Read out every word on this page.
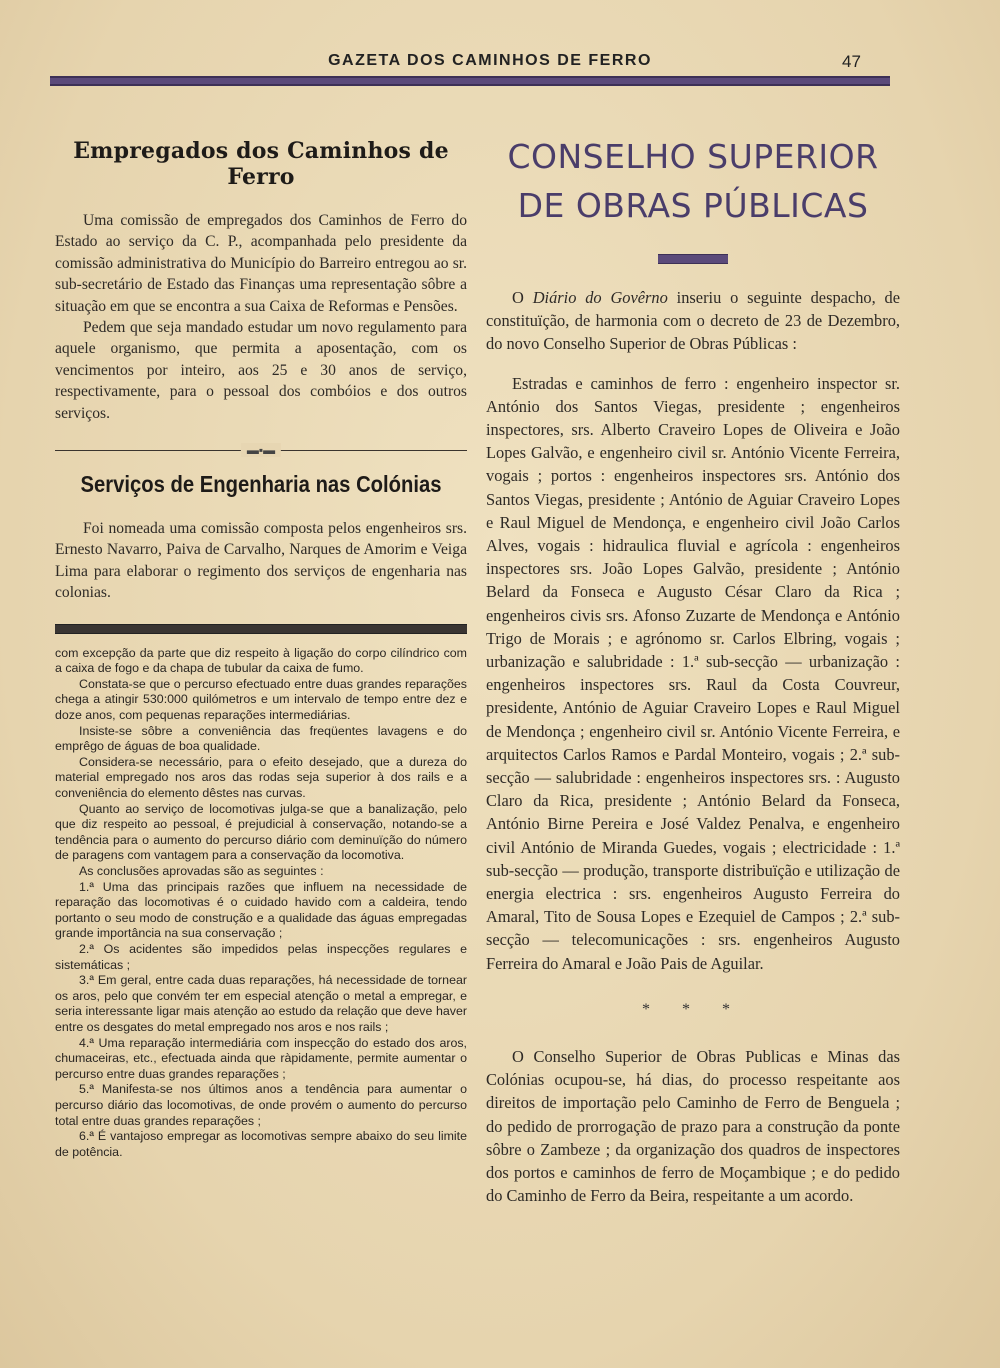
GAZETA DOS CAMINHOS DE FERRO	47
Empregados dos Caminhos de Ferro

Uma comissão de empregados dos Caminhos de Ferro do Estado ao serviço da C. P., acompanhada pelo presidente da comissão administrativa do Município do Barreiro entregou ao sr. sub-secretário de Estado das Finanças uma representação sôbre a situação em que se encontra a sua Caixa de Reformas e Pensões.

Pedem que seja mandado estudar um novo regulamento para aquele organismo, que permita a aposentação, com os vencimentos por inteiro, aos 25 e 30 anos de serviço, respectivamente, para o pessoal dos combóios e dos outros serviços.

▬▪▬
Serviços de Engenharia nas Colónias

Foi nomeada uma comissão composta pelos engenheiros srs. Ernesto Navarro, Paiva de Carvalho, Narques de Amorim e Veiga Lima para elaborar o regimento dos serviços de engenharia nas colonias.

com excepção da parte que diz respeito à ligação do corpo cilíndrico com a caixa de fogo e da chapa de tubular da caixa de fumo.

Constata-se que o percurso efectuado entre duas grandes reparações chega a atingir 530:000 quilómetros e um intervalo de tempo entre dez e doze anos, com pequenas reparações intermediárias.

Insiste-se sôbre a conveniência das freqüentes lavagens e do emprêgo de águas de boa qualidade.

Considera-se necessário, para o efeito desejado, que a dureza do material empregado nos aros das rodas seja superior à dos rails e a conveniência do elemento dêstes nas curvas.

Quanto ao serviço de locomotivas julga-se que a banalização, pelo que diz respeito ao pessoal, é prejudicial à conservação, notando-se a tendência para o aumento do percurso diário com deminuïção do número de paragens com vantagem para a conservação da locomotiva.

As conclusões aprovadas são as seguintes :

1.ª Uma das principais razões que influem na necessidade de reparação das locomotivas é o cuidado havido com a caldeira, tendo portanto o seu modo de construção e a qualidade das águas empregadas grande importância na sua conservação ;

2.ª Os acidentes são impedidos pelas inspecções regulares e sistemáticas ;

3.ª Em geral, entre cada duas reparações, há necessidade de tornear os aros, pelo que convém ter em especial atenção o metal a empregar, e seria interessante ligar mais atenção ao estudo da relação que deve haver entre os desgates do metal empregado nos aros e nos rails ;

4.ª Uma reparação intermediária com inspecção do estado dos aros, chumaceiras, etc., efectuada ainda que ràpidamente, permite aumentar o percurso entre duas grandes reparações ;

5.ª Manifesta-se nos últimos anos a tendência para aumentar o percurso diário das locomotivas, de onde provém o aumento do percurso total entre duas grandes reparações ;

6.ª É vantajoso empregar as locomotivas sempre abaixo do seu limite de potência.

CONSELHO SUPERIOR
DE OBRAS PÚBLICAS

O Diário do Govêrno inseriu o seguinte despacho, de constituïção, de harmonia com o decreto de 23 de Dezembro, do novo Conselho Superior de Obras Públicas :

Estradas e caminhos de ferro : engenheiro inspector sr. António dos Santos Viegas, presidente ; engenheiros inspectores, srs. Alberto Craveiro Lopes de Oliveira e João Lopes Galvão, e engenheiro civil sr. António Vicente Ferreira, vogais ; portos : engenheiros inspectores srs. António dos Santos Viegas, presidente ; António de Aguiar Craveiro Lopes e Raul Miguel de Mendonça, e engenheiro civil João Carlos Alves, vogais : hidraulica fluvial e agrícola : engenheiros inspectores srs. João Lopes Galvão, presidente ; António Belard da Fonseca e Augusto César Claro da Rica ; engenheiros civis srs. Afonso Zuzarte de Mendonça e António Trigo de Morais ; e agrónomo sr. Carlos Elbring, vogais ; urbanização e salubridade : 1.ª sub-secção — urbanização : engenheiros inspectores srs. Raul da Costa Couvreur, presidente, António de Aguiar Craveiro Lopes e Raul Miguel de Mendonça ; engenheiro civil sr. António Vicente Ferreira, e arquitectos Carlos Ramos e Pardal Monteiro, vogais ; 2.ª sub-secção — salubridade : engenheiros inspectores srs. : Augusto Claro da Rica, presidente ; António Belard da Fonseca, António Birne Pereira e José Valdez Penalva, e engenheiro civil António de Miranda Guedes, vogais ; electricidade : 1.ª sub-secção — produção, transporte distribuïção e utilização de energia electrica : srs. engenheiros Augusto Ferreira do Amaral, Tito de Sousa Lopes e Ezequiel de Campos ; 2.ª sub-secção — telecomunicações : srs. engenheiros Augusto Ferreira do Amaral e João Pais de Aguilar.

* * *

O Conselho Superior de Obras Publicas e Minas das Colónias ocupou-se, há dias, do processo respeitante aos direitos de importação pelo Caminho de Ferro de Benguela ; do pedido de prorrogação de prazo para a construção da ponte sôbre o Zambeze ; da organização dos quadros de inspectores dos portos e caminhos de ferro de Moçambique ; e do pedido do Caminho de Ferro da Beira, respeitante a um acordo.
